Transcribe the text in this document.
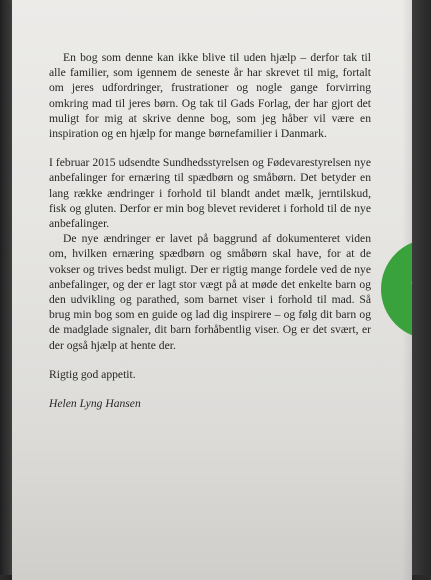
En bog som denne kan ikke blive til uden hjælp – derfor tak til alle familier, som igennem de seneste år har skrevet til mig, fortalt om jeres udfordringer, frustrationer og nogle gange forvirring omkring mad til jeres børn. Og tak til Gads Forlag, der har gjort det muligt for mig at skrive denne bog, som jeg håber vil være en inspiration og en hjælp for mange børnefamilier i Danmark.

I februar 2015 udsendte Sundhedsstyrelsen og Fødevarestyrelsen nye anbefalinger for ernæring til spædbørn og småbørn. Det betyder en lang række ændringer i forhold til blandt andet mælk, jerntilskud, fisk og gluten. Derfor er min bog blevet revideret i forhold til de nye anbefalinger.

De nye ændringer er lavet på baggrund af dokumenteret viden om, hvilken ernæring spædbørn og småbørn skal have, for at de vokser og trives bedst muligt. Der er rigtig mange fordele ved de nye anbefalinger, og der er lagt stor vægt på at møde det enkelte barn og den udvikling og parathed, som barnet viser i forhold til mad. Så brug min bog som en guide og lad dig inspirere – og følg dit barn og de madglade signaler, dit barn forhåbentlig viser. Og er det svært, er der også hjælp at hente der.

Rigtig god appetit.

Helen Lyng Hansen
